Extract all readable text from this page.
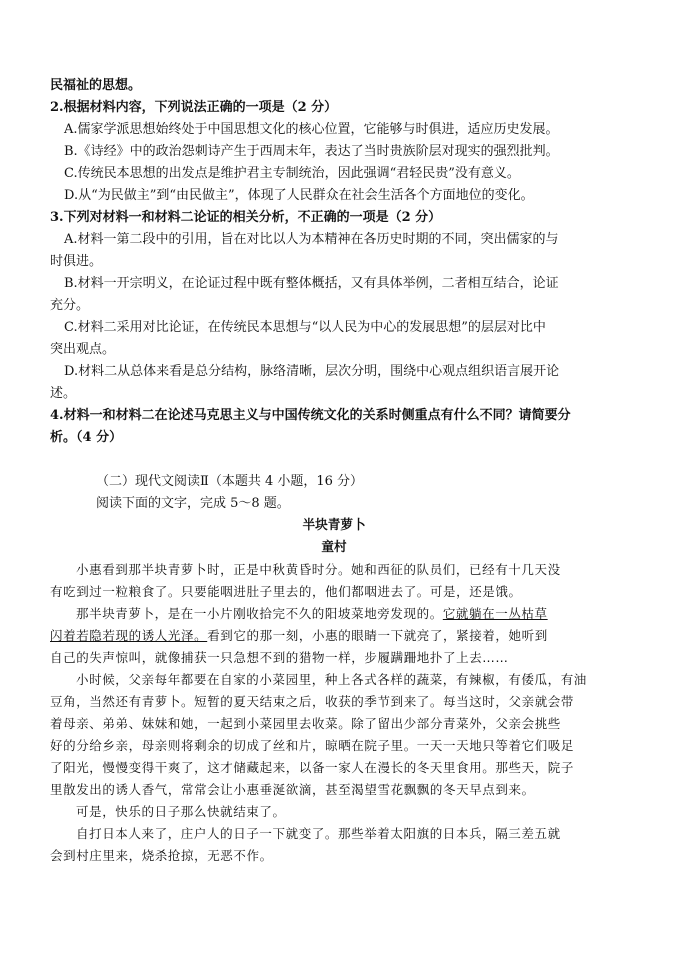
民福祉的思想。
2.根据材料内容，下列说法正确的一项是（2 分）
A.儒家学派思想始终处于中国思想文化的核心位置，它能够与时俱进，适应历史发展。
B.《诗经》中的政治怨刺诗产生于西周末年，表达了当时贵族阶层对现实的强烈批判。
C.传统民本思想的出发点是维护君主专制统治，因此强调“君轻民贵”没有意义。
D.从“为民做主”到“由民做主”，体现了人民群众在社会生活各个方面地位的变化。
3.下列对材料一和材料二论证的相关分析，不正确的一项是（2 分）
A.材料一第二段中的引用，旨在对比以人为本精神在各历史时期的不同，突出儒家的与
时俱进。
B.材料一开宗明义，在论证过程中既有整体概括，又有具体举例，二者相互结合，论证
充分。
C.材料二采用对比论证，在传统民本思想与“以人民为中心的发展思想”的层层对比中
突出观点。
D.材料二从总体来看是总分结构，脉络清晰，层次分明，围绕中心观点组织语言展开论
述。
4.材料一和材料二在论述马克思主义与中国传统文化的关系时侧重点有什么不同？请简要分
析。（4 分）
（二）现代文阅读Ⅱ（本题共 4 小题，16 分）
阅读下面的文字，完成 5～8 题。
半块青萝卜
童村
小惠看到那半块青萝卜时，正是中秋黄昏时分。她和西征的队员们，已经有十几天没
有吃到过一粒粮食了。只要能咽进肚子里去的，他们都咽进去了。可是，还是饿。
那半块青萝卜，是在一小片刚收拾完不久的阳坡菜地旁发现的。它就躺在一丛枯草
闪着若隐若现的诱人光泽。看到它的那一刻，小惠的眼睛一下就亮了，紧接着，她听到
自己的失声惊叫，就像捕获一只急想不到的猎物一样，步履蹒跚地扑了上去……
小时候，父亲每年都要在自家的小菜园里，种上各式各样的蔬菜，有辣椒，有倭瓜，有油
豆角，当然还有青萝卜。短暂的夏天结束之后，收获的季节到来了。每当这时，父亲就会带
着母亲、弟弟、妹妹和她，一起到小菜园里去收菜。除了留出少部分青菜外，父亲会挑些
好的分给乡亲，母亲则将剩余的切成了丝和片，晾晒在院子里。一天一天地只等着它们吸足
了阳光，慢慢变得干爽了，这才储藏起来，以备一家人在漫长的冬天里食用。那些天，院子
里散发出的诱人香气，常常会让小惠垂涎欲滴，甚至渴望雪花飘飘的冬天早点到来。
可是，快乐的日子那么快就结束了。
自打日本人来了，庄户人的日子一下就变了。那些举着太阳旗的日本兵，隔三差五就
会到村庄里来，烧杀抢掠，无恶不作。
